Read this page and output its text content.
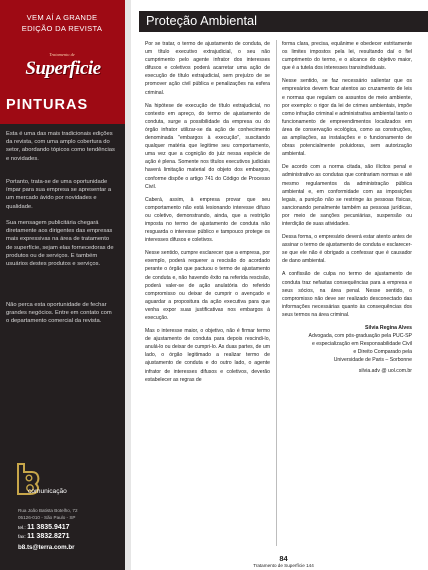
VEM AÍ A GRANDE
EDIÇÃO DA REVISTA
Tratamento de
Superficie
PINTURAS
Esta é uma das mais tradicionais edições da revista, com uma amplo cobertura do setor, abordando tópicos como tendências e novidades.
Portanto, trata-se de uma oportunidade ímpar para sua empresa se apresentar a um mercado ávido por novidades e qualidade.
Sua mensagem publicitária chegará diretamente aos dirigentes das empresas mais expressivas na área de tratamento de superfície, sejam elas fornecedoras de produtos ou de serviços. E também usuários destes produtos e serviços.
Não perca esta oportunidade de fechar grandes negócios. Entre em contato com o departamento comercial da revista.
comunicação
Rua João Batista Botelho, 72
05126-010 - São Paulo - SP
tel.: 11 3835.9417
fax: 11 3832.8271
b8.ts@terra.com.br
Proteção Ambiental

Por se tratar, o termo de ajustamento de conduta, de um título executivo extrajudicial, o seu não cumprimento pelo agente infrator dos interesses difusos e coletivos poderá acarretar uma ação de execução de título extrajudicial, sem prejuízo de se promover ação civil pública e penalizações na esfera criminal.

Na hipótese de execução de título extrajudicial, no contexto em apreço, do termo de ajustamento de conduta, surge a possibilidade da empresa ou do órgão infrator utilizar-se da ação de conhecimento denominada "embargos à execução", suscitando qualquer matéria que legitime seu comportamento, uma vez que a cognição do juiz nessa espécie de ação é plena. Somente nos títulos executivos judiciais haverá limitação material do objeto dos embargos, conforme dispõe o artigo 741 do Código de Processo Civil.

Caberá, assim, à empresa provar que seu comportamento não está lesionando interesse difuso ou coletivo, demonstrando, ainda, que a restrição imposta no termo de ajustamento de conduta não resguarda o interesse público e tampouco protege os interesses difusos e coletivos.

Nesse sentido, cumpre esclarecer que a empresa, por exemplo, poderá requerer a rescisão do acordado perante o órgão que pactuou o termo de ajustamento de conduta e, não havendo êxito na referida rescisão, poderá valer-se de ação anulatória do referido compromisso ou deixar de cumprir o avençado e aguardar a propositura da ação executiva para que venha expor suas justificativas nos embargos à execução.

Mas o interesse maior, o objetivo, não é firmar termo de ajustamento de conduta para depois rescindi-lo, anulá-lo ou deixar de cumpri-lo. As duas partes, de um lado, o órgão legitimado a realizar termo de ajustamento de conduta e do outro lado, o agente infrator de interesses difusos e coletivos, deverão estabelecer as regras de

forma clara, precisa, equânime e obedecer estritamente os limites impostos pela lei, resultando daí o fiel cumprimento do termo, e o alcance do objetivo maior, que é a tutela dos interesses transindividuais.

Nesse sentido, se faz necessário salientar que os empresários devem ficar atentos ao cruzamento de leis e normas que regulam os assuntos de meio ambiente, por exemplo: o rigor da lei de crimes ambientais, impõe como infração criminal e administrativa ambiental tanto o funcionamento de empreendimentos localizados em área de conservação ecológica, como as construções, as ampliações, as instalações e o funcionamento de obras potencialmente poluidoras, sem autorização ambiental.

De acordo com a norma citada, são ilícitos penal e administrativo as condutas que contrariam normas e até mesmo regulamentos da administração pública ambiental e, em conformidade com as imposições legais, a punição não se restringe às pessoas físicas, sancionando penalmente também as pessoas jurídicas, por meio de sanções pecuniárias, suspensão ou interdição de suas atividades.

Dessa forma, o empresário deverá estar atento antes de assinar o termo de ajustamento de conduta e esclarecer-se que ele não é obrigado a confessar que é causador de dano ambiental.

A confissão de culpa no termo de ajustamento de conduta traz nefastas consequências para a empresa e seus sócios, na área penal. Nesse sentido, o compromisso não deve ser realizado desconectado das informações necessárias quanto às consequências dos seus termos na área criminal.

Silvia Regina Alves

Advogada, com pós-graduação pela PUC-SP

e especialização em Responsabilidade Civil

e Direito Comparado pela

Universidade de Paris – Sorbonne

silvia.adv @ uol.com.br

84
Tratamento de Superfície 144
